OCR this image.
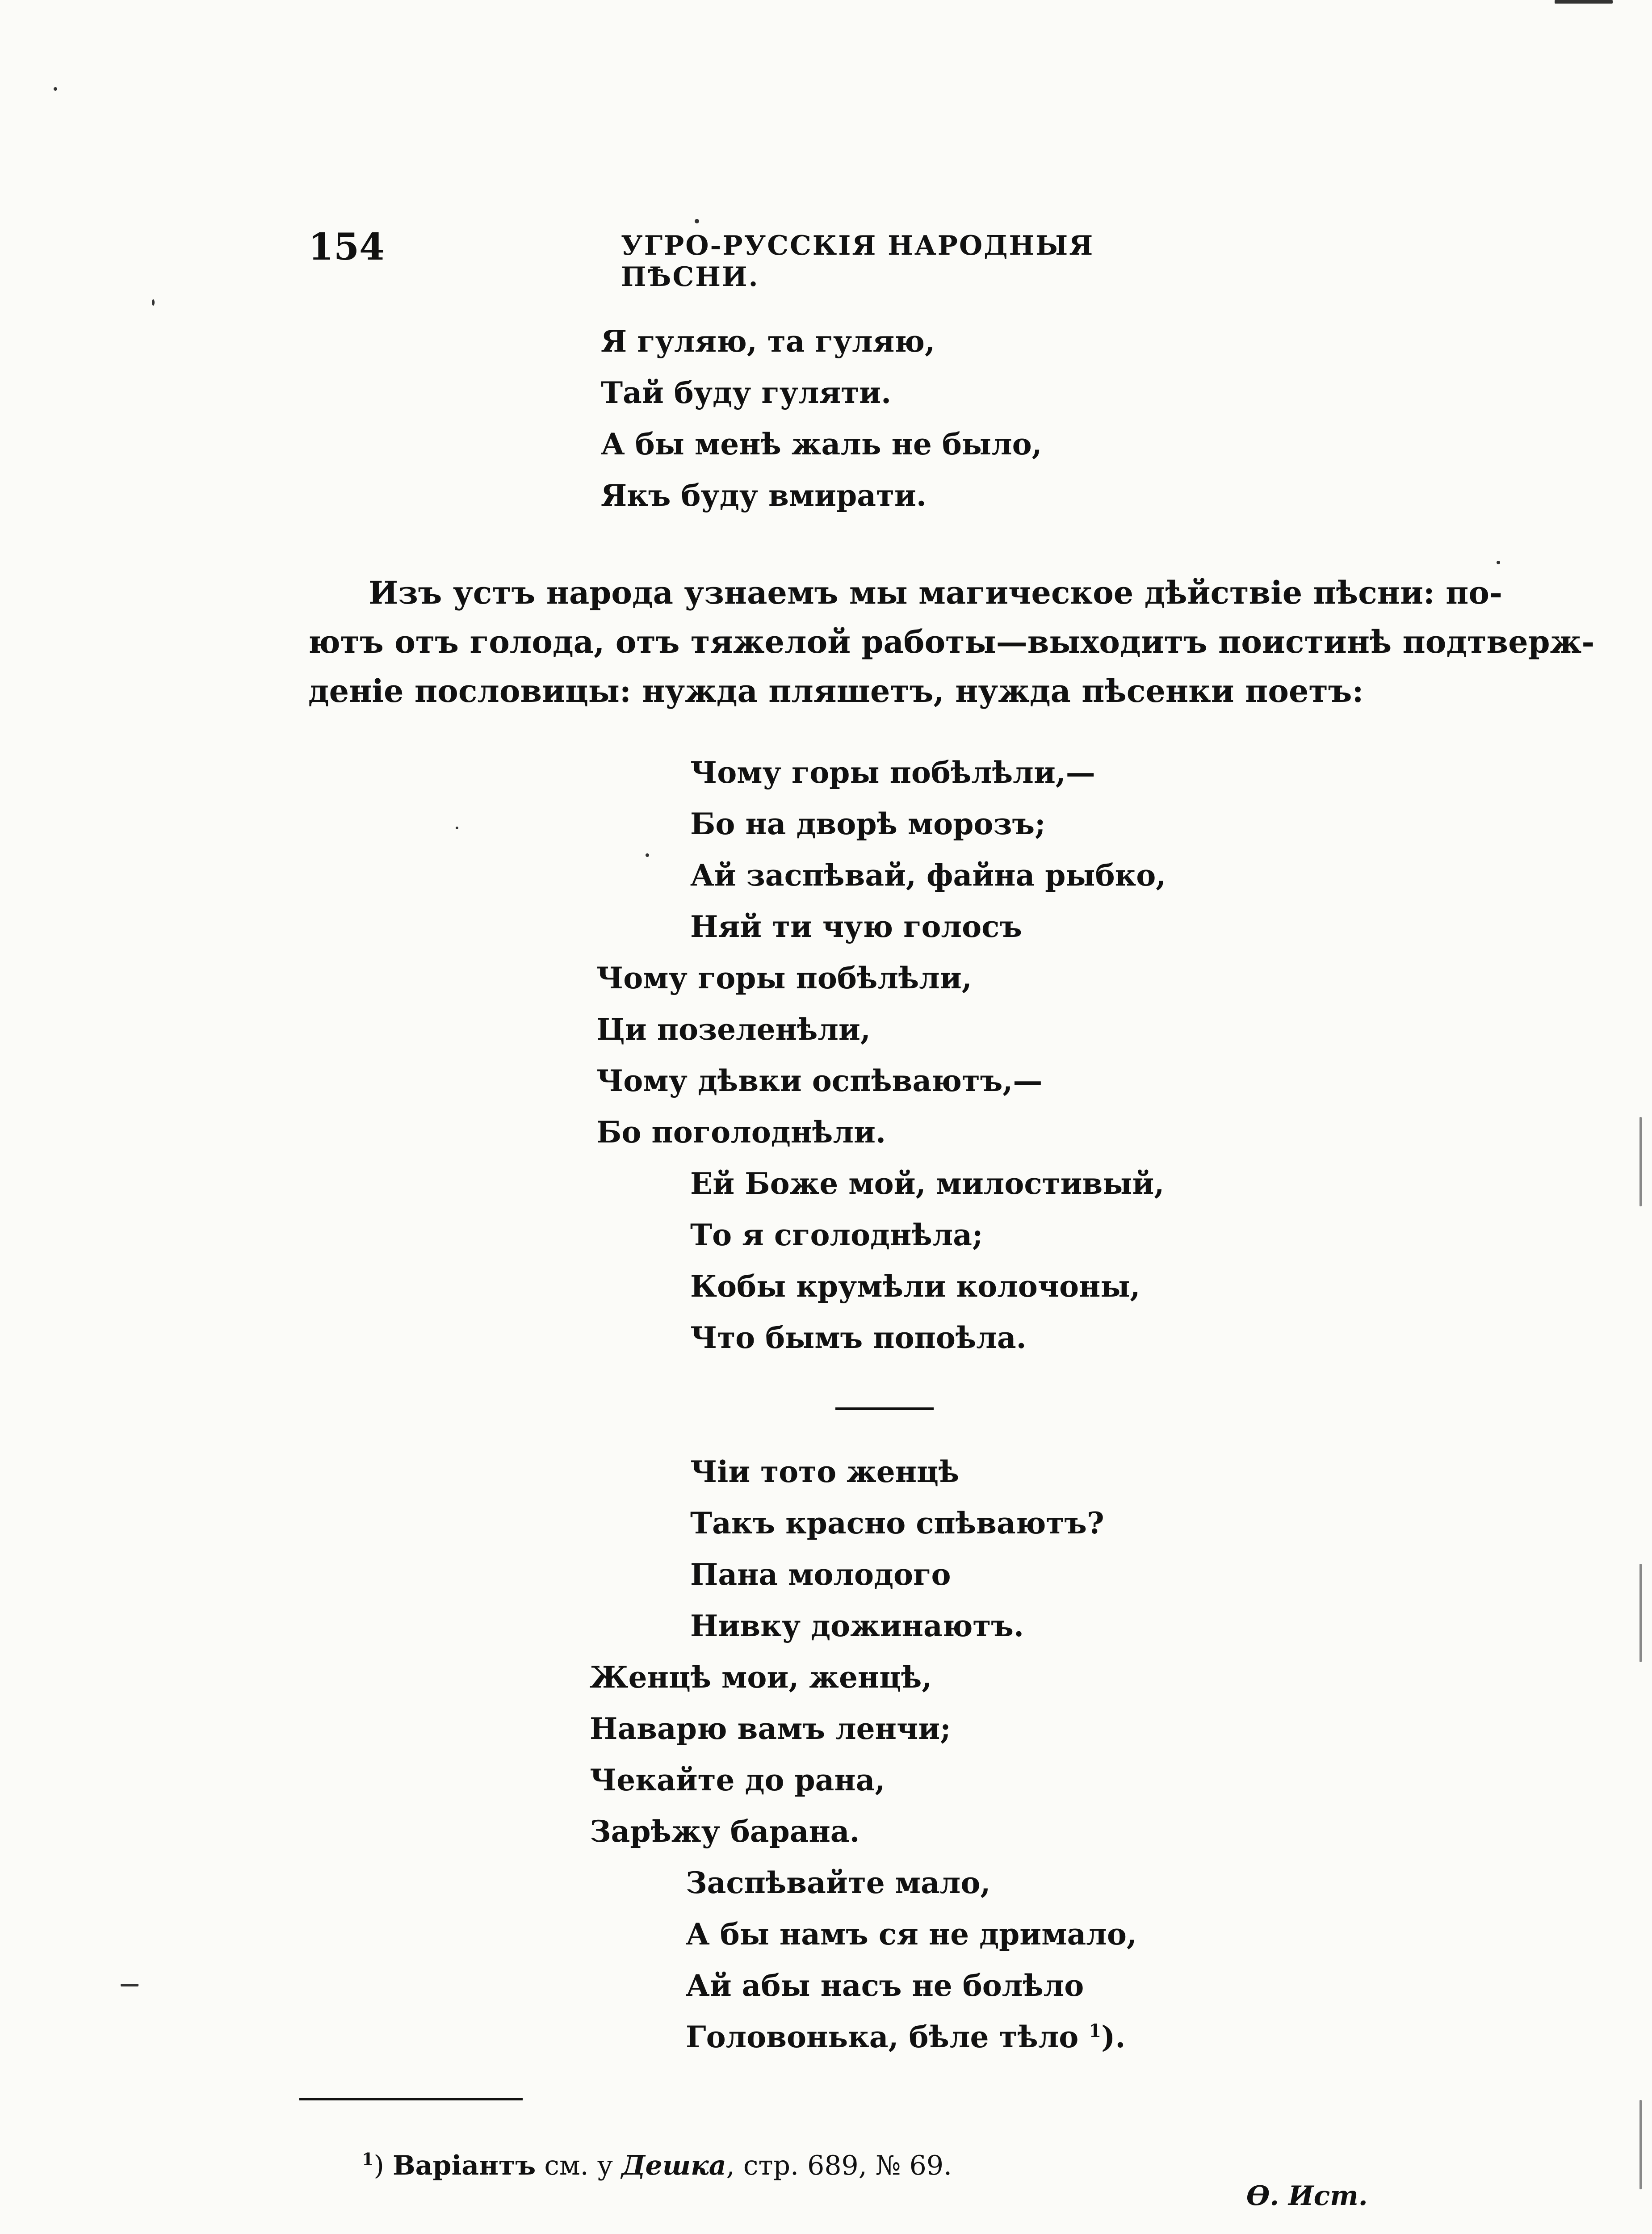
154	УГРО-РУССКІЯ НАРОДНЫЯ ПѢСНИ.
Я гуляю, та гуляю,
Тай буду гуляти.
А бы менѣ жаль не было,
Якъ буду вмирати.
Изъ устъ народа узнаемъ мы магическое дѣйствіе пѣсни: по-
ютъ отъ голода, отъ тяжелой работы—выходитъ поистинѣ подтверж-
деніе пословицы: нужда пляшетъ, нужда пѣсенки поетъ:
Чому горы побѣлѣли,—
Бо на дворѣ морозъ;
Ай заспѣвай, файна рыбко,
Няй ти чую голосъ
Чому горы побѣлѣли,
Ци позеленѣли,
Чому дѣвки оспѣваютъ,—
Бо поголоднѣли.
Ей Боже мой, милостивый,
То я сголоднѣла;
Кобы крумѣли колочоны,
Что бымъ попоѣла.
Чіи тото женцѣ
Такъ красно спѣваютъ?
Пана молодого
Нивку дожинаютъ.
Женцѣ мои, женцѣ,
Наварю вамъ ленчи;
Чекайте до рана,
Зарѣжу барана.
Заспѣвайте мало,
А бы намъ ся не дримало,
Ай абы насъ не болѣло
Головонька, бѣле тѣло $^1$).
$^1$) Варіантъ см. у Дешка, стр. 689, № 69.
Ѳ. Ист.
